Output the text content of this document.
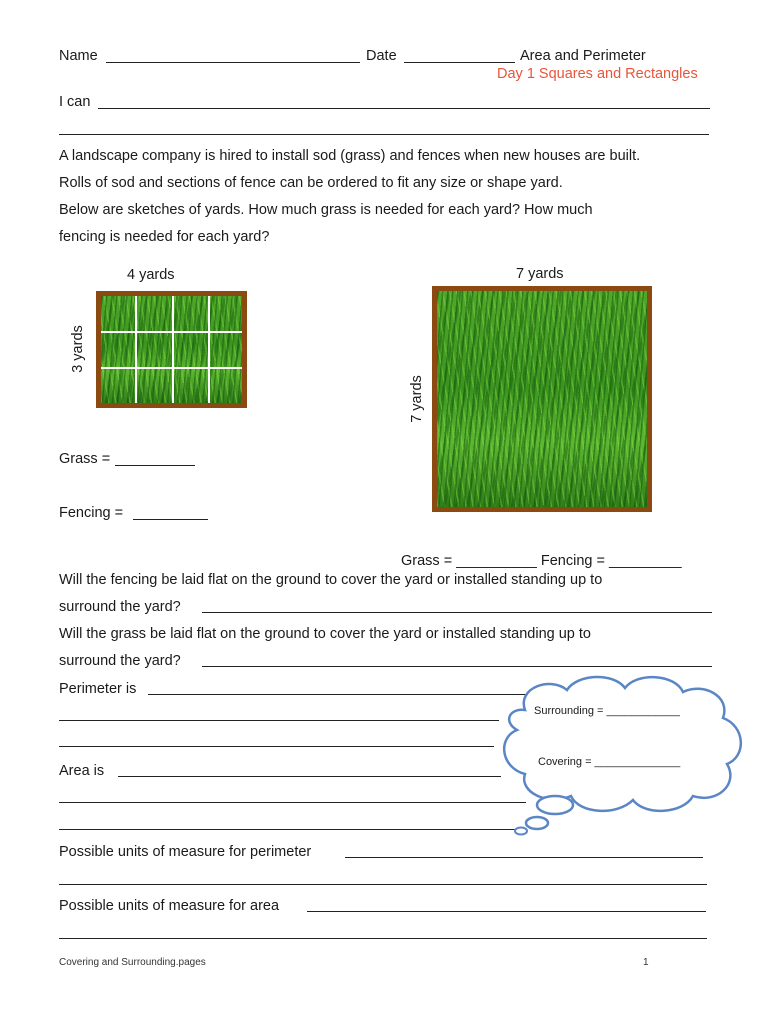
Name	Date	Area and Perimeter
Day 1 Squares and Rectangles
I can
A landscape company is hired to install sod (grass) and fences when new houses are built.
Rolls of sod and sections of fence can be ordered to fit any size or shape yard.
Below are sketches of yards. How much grass is needed for each yard? How much
fencing is needed for each yard?
4 yards
3 yards
Grass =
Fencing =
7 yards
7 yards
Grass = __________ Fencing = _________
Will the fencing be laid flat on the ground to cover the yard or installed standing up to
surround the yard?
Will the grass be laid flat on the ground to cover the yard or installed standing up to
surround the yard?
Perimeter is
Area is
Possible units of measure for perimeter
Possible units of measure for area
Surrounding = ____________
Covering = ______________
Covering and Surrounding.pages	1
